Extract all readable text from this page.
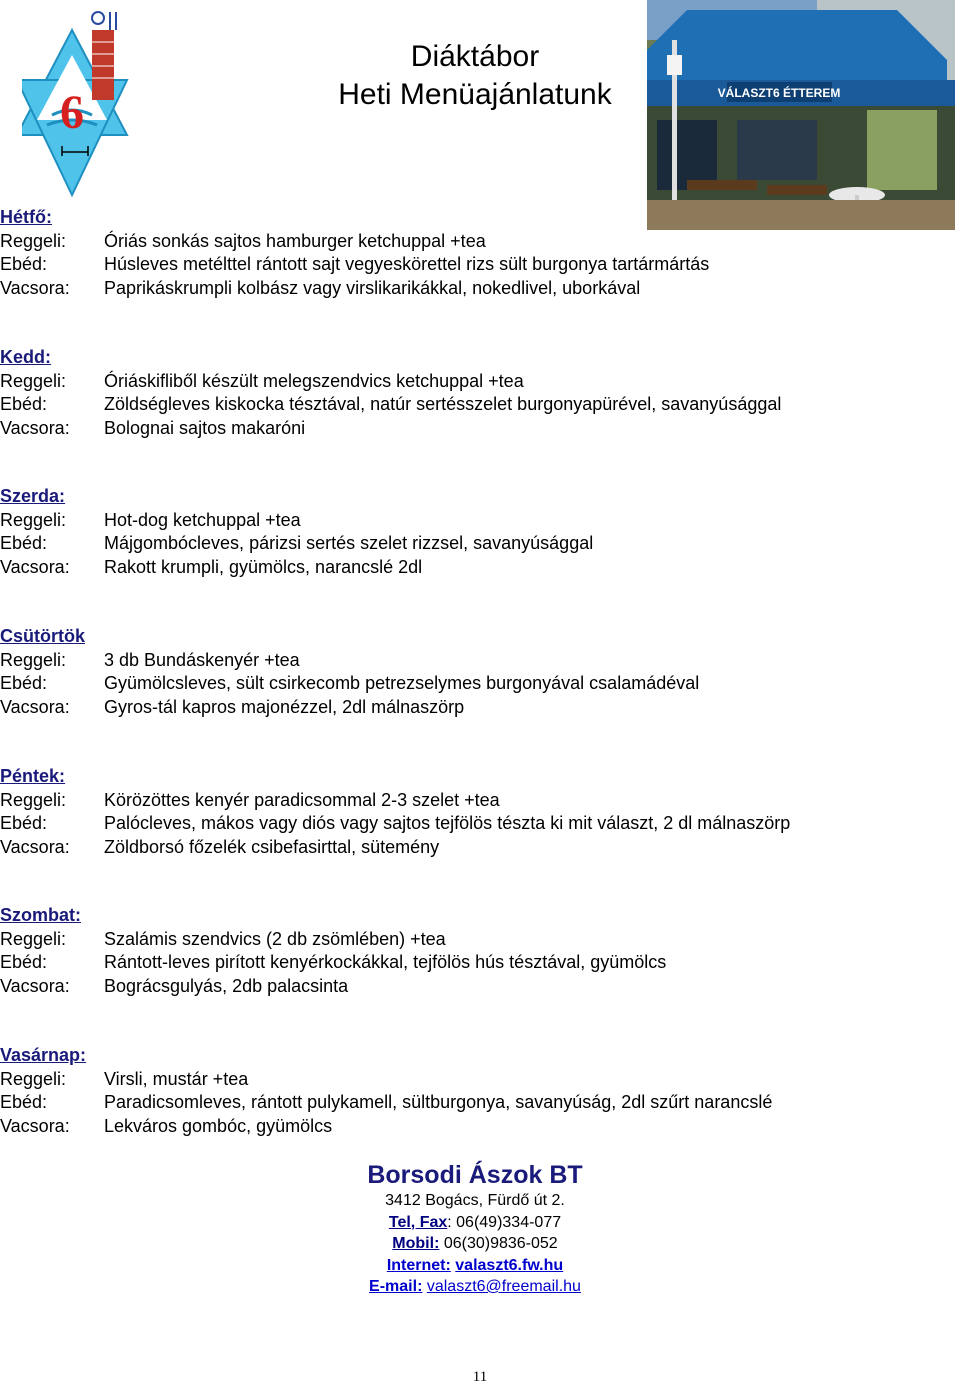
6
Diáktábor
Heti Menüajánlatunk	VÁLASZT6 ÉTTEREM
Hétfő:
Reggeli:	Óriás sonkás sajtos hamburger ketchuppal +tea
Ebéd:	Húsleves metélttel rántott sajt vegyeskörettel rizs sült burgonya tartármártás
Vacsora:	Paprikáskrumpli kolbász vagy virslikarikákkal, nokedlivel, uborkával
Kedd:
Reggeli:	Óriáskifliből készült melegszendvics ketchuppal +tea
Ebéd:	Zöldségleves kiskocka tésztával, natúr sertésszelet burgonyapürével, savanyúsággal
Vacsora:	Bolognai sajtos makaróni
Szerda:
Reggeli:	Hot-dog ketchuppal +tea
Ebéd:	Májgombócleves, párizsi sertés szelet rizzsel, savanyúsággal
Vacsora:	Rakott krumpli, gyümölcs, narancslé 2dl
Csütörtök
Reggeli:	3 db Bundáskenyér +tea
Ebéd:	Gyümölcsleves, sült csirkecomb petrezselymes burgonyával csalamádéval
Vacsora:	Gyros-tál kapros majonézzel, 2dl málnaszörp
Péntek:
Reggeli:	Körözöttes kenyér paradicsommal 2-3 szelet +tea
Ebéd:	Palócleves, mákos vagy diós vagy sajtos tejfölös tészta ki mit választ, 2 dl málnaszörp
Vacsora:	Zöldborsó főzelék csibefasirttal, sütemény
Szombat:
Reggeli:	Szalámis szendvics (2 db zsömlében) +tea
Ebéd:	Rántott-leves pirított kenyérkockákkal, tejfölös hús tésztával, gyümölcs
Vacsora:	Bográcsgulyás, 2db palacsinta
Vasárnap:
Reggeli:	Virsli, mustár +tea
Ebéd:	Paradicsomleves, rántott pulykamell, sültburgonya, savanyúság, 2dl szűrt narancslé
Vacsora:	Lekváros gombóc, gyümölcs
Borsodi Ászok BT
3412 Bogács, Fürdő út 2.
Tel, Fax: 06(49)334-077
Mobil: 06(30)9836-052
Internet: valaszt6.fw.hu
E-mail: valaszt6@freemail.hu
11
